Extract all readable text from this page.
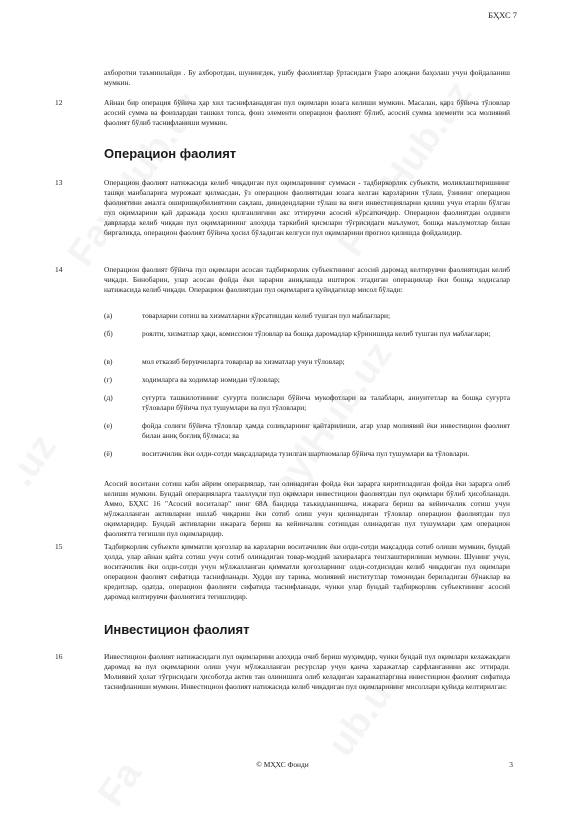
БҲХС 7

ахборотни таъминлайди . Бу ахборотдан, шунингдек, ушбу фаолиятлар ўртасидаги ўзаро алоқани баҳолаш учун фойдаланиш мумкин.

12	Айнан бир операция бўйича ҳар хил таснифланадиган пул оқимлари юзага келиши мумкин. Масалан, қарз бўйича тўловлар асосий сумма ва фоизлардан ташкил топса, фоиз элементи операцион фаолият бўлиб, асосий сумма элементи эса молиявий фаолият бўлиб таснифланиши мумкин.

Операцион фаолият
13	Операцион фаолият натижасида келиб чиқадиган пул оқимларининг суммаси - тадбиркорлик субъекти, молиялаштиришнинг ташқи манбаларига мурожаат қилмасдан, ўз операцион фаолиятидан юзага келган карзларини тўлаш, ўзининг операцион фаолиятини амалга оширишқобилиятини сақлаш, дивидендларни тўлаш ва янги инвестицияларни қилиш учун етарли бўлган пул оқимларини қай даражада ҳосил қилганлигини акс эттирувчи асосий кўрсаткичдир. Операцион фаолиятдан олдинги даврларда келиб чиққан пул оқимларининг алоҳида таркибий қисмлари тўғрисидаги маълумот, бошқа маълумотлар билан биргаликда, операцион фаолият бўйича ҳосил бўладиган келгуси пул оқимларини прогноз қилишда фойдалидир.

14	Операцион фаолият бўйича пул оқимлари асосан тадбиркорлик субъектининг асосий даромад келтирувчи фаолиятидан келиб чиқади. Бинобарин, улар асосан фойда ёки зарарни аниқлашда иштирок этадиган операциялар ёки бошқа ходисалар натижасида келиб чиқади. Операцион фаолиятдан пул оқимларига қуйидагилар мисол бўлади:

(а)	товарларни сотиш ва хизматларни кўрсатишдан келиб тушган пул маблағлари;

(б)	роялти, хизматлар ҳақи, комиссион тўловлар ва бошқа даромадлар кўринишида келиб тушган пул маблағлари;

(в)	мол етказиб берувчиларга товарлар ва хизматлар учун тўловлар;

(г)	ходимларга ва ходимлар номидан тўловлар;

(д)	суғурта ташкилотининг суғурта полислари бўйича мукофотлари ва талаблари, аннуитетлар ва бошқа суғурта тўловлари бўйича пул тушумлари ва пул тўловлари;

(е)	фойда солиғи бўйича тўловлар ҳамда солиқларнинг қайтарилиши, агар улар молиявий ёки инвестицион фаолият билан аниқ боғлиқ бўлмаса; ва

(ё)	воситачилик ёки олди-сотди мақсадларида тузилган шартномалар бўйича пул тушумлари ва тўловлари.

Асосий воситани сотиш каби айрим операциялар, тан олинадиган фойда ёки зарарга киритиладиган фойда ёки зарарга олиб келиши мумкин. Бундай операцияларга тааллуқли пул оқимлари инвестицион фаолиятдан пул оқимлари бўлиб ҳисобланади. Аммо, БҲХС 16 "Асосий воситалар" нинг 68А бандида таъкидланишича, ижарага бериш ва кейинчалик сотиш учун мўлжалланган активларни ишлаб чиқариш ёки сотиб олиш учун қилинадиган тўловлар операцион фаолиятдан пул оқимларидир. Бундай активларни ижарага бериш ва кейинчалик сотишдан олинадиган пул тушумлари ҳам операцион фаолиятга тегишли пул оқимларидир.

15	Тадбиркорлик субъекти қимматли қоғозлар ва карзларни воситачилик ёки олди-сотди мақсадида сотиб олиши мумкин, бундай ҳолда, улар айнан қайта сотиш учун сотиб олинадиган товар-моддий захираларга тенглаштирилиши мумкин. Шунинг учун, воситачилик ёки олди-сотди учун мўлжалланган қимматли қоғозларнинг олди-сотдисидан келиб чиқадиган пул оқимлари операцион фаолият сифатида таснифланади. Худди шу тарика, молиявий институтлар томонидан бериладиган бўнаклар ва кредитлар, одатда, операцион фаолияти сифатида таснифланади, чунки улар бундай тадбиркорлик субъектининг асосий даромад келтирувчи фаолиятига тегишлидир.

Инвестицион фаолият
16	Инвестицион фаолият натижасидаги пул оқимларини алоҳида очиб бериш муҳимдир, чунки бундай пул оқимлари келажакдаги даромад ва пул оқимларини олиш учун мўлжалланган ресурслар учун қанча харажатлар сарфланганини акс эттиради. Молиявий ҳолат тўғрисидаги ҳисоботда актив тан олинишига олиб келадиган харажатларгина инвестицион фаолият сифатида таснифланиши мумкин. Инвестицион фаолият натижасида келиб чиқадиган пул оқимларининг мисоллари қуйида келтирилган:

© МҲХС Фонди	3
